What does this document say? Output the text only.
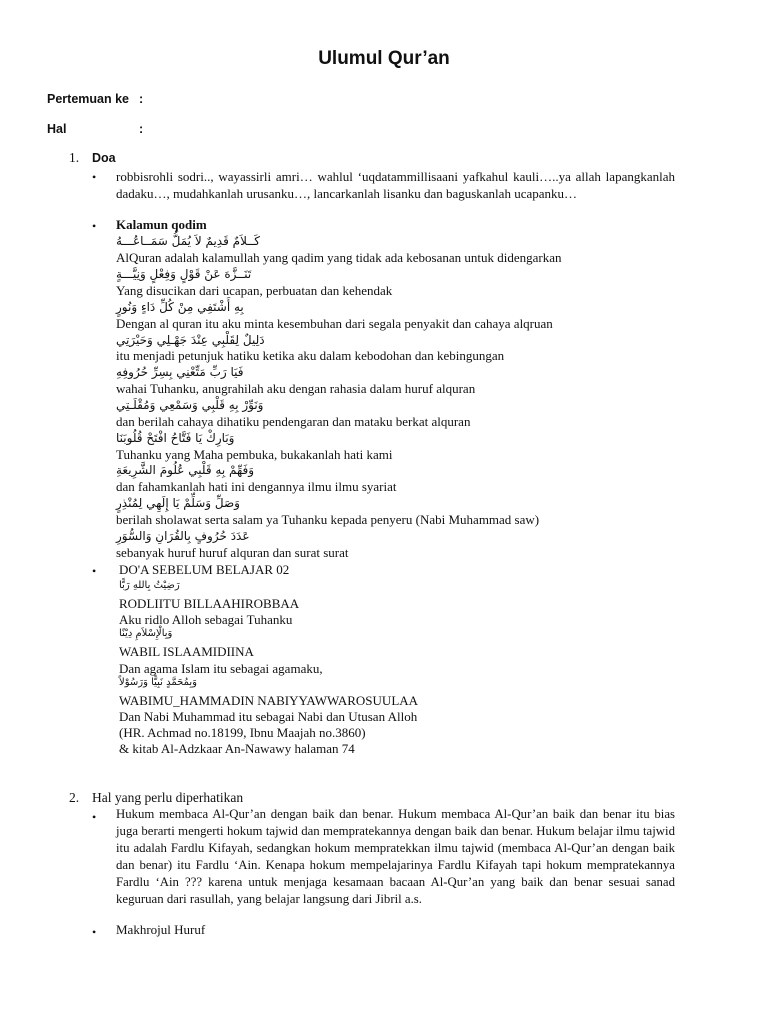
Ulumul Qur’an
Pertemuan ke :
Hal	:
1. Doa
• robbisrohli sodri.., wayassirli amri… wahlul ‘uqdatammillisaani yafkahul kauli…..ya allah lapangkanlah dadaku…, mudahkanlah urusanku…, lancarkanlah lisanku dan baguskanlah ucapanku…
• Kalamun qodim
كَــلاَمٌ قَدِيمٌ لاَ يُمَلُّ سَمَــاعُـــهُ
AlQuran adalah kalamullah yang qadim yang tidak ada kebosanan untuk didengarkan
تَنَــزَّهَ عَنْ قَوْلٍ وَفِعْلٍ وَنِيَّـــةٍ
Yang disucikan dari ucapan, perbuatan dan kehendak
بِهِ أَشْتَفِي مِنْ كُلِّ دَاءٍ وَنُورٍ
Dengan al quran itu aku minta kesembuhan dari segala penyakit dan cahaya alqruan
دَلِيلٌ لِقَلْبِي عِنْدَ جَهْـلِي وَحَيْرَتِي
itu menjadi petunjuk hatiku ketika aku dalam kebodohan dan kebingungan
فَيَا رَبِّ مَتِّعْنِي بِسِرِّ حُرُوفِهِ
wahai Tuhanku, anugrahilah aku dengan rahasia dalam huruf alquran
وَنَوِّرْ بِهِ قَلْبِي وَسَمْعِي وَمُقْلَـتِي
dan berilah cahaya dihatiku pendengaran dan mataku berkat alquran
وَبَارِكْ يَا فَتَّاحُ افْتَحْ قُلُوبَنَا
Tuhanku yang Maha pembuka, bukakanlah hati kami
وَفَهِّمْ بِهِ قَلْبِي عُلُومَ الشَّرِيعَةِ
dan fahamkanlah hati ini dengannya ilmu ilmu syariat
وَصَلِّ وَسَلِّمْ يَا إِلَهِي لِمُنْذِرٍ
berilah sholawat serta salam ya Tuhanku kepada penyeru (Nabi Muhammad saw)
عَدَدَ حُرُوفٍ بِالقُرَانِ وَالسُّوَرِ
sebanyak huruf huruf alquran dan surat surat
• DO'A SEBELUM BELAJAR 02
رَضِيْتُ بِاللهِ رَبًّا
RODLIITU BILLAAHIROBBAA
Aku ridlo Alloh sebagai Tuhanku
وَبِالْإِسْلاَمِ دِيْنًا
WABIL ISLAAMIDIINA
Dan agama Islam itu sebagai agamaku,
وَبِمُحَمَّدٍ نَبِيًّا وَرَسُوْلاً
WABIMU_HAMMADIN NABIYYAWWAROSUULAA
Dan Nabi Muhammad itu sebagai Nabi dan Utusan Alloh
(HR. Achmad no.18199, Ibnu Maajah no.3860)
& kitab Al-Adzkaar An-Nawawy halaman 74
2. Hal yang perlu diperhatikan
• Hukum membaca Al-Qur’an dengan baik dan benar. Hukum membaca Al-Qur’an baik dan benar itu bias juga berarti mengerti hokum tajwid dan mempratekannya dengan baik dan benar. Hukum belajar ilmu tajwid itu adalah Fardlu Kifayah, sedangkan hokum mempratekkan ilmu tajwid (membaca Al-Qur’an dengan baik dan benar) itu Fardlu ‘Ain. Kenapa hokum mempelajarinya Fardlu Kifayah tapi hokum mempratekannya Fardlu ‘Ain ??? karena untuk menjaga kesamaan bacaan Al-Qur’an yang baik dan benar sesuai sanad keguruan dari rasullah, yang belajar langsung dari Jibril a.s.
• Makhrojul Huruf
